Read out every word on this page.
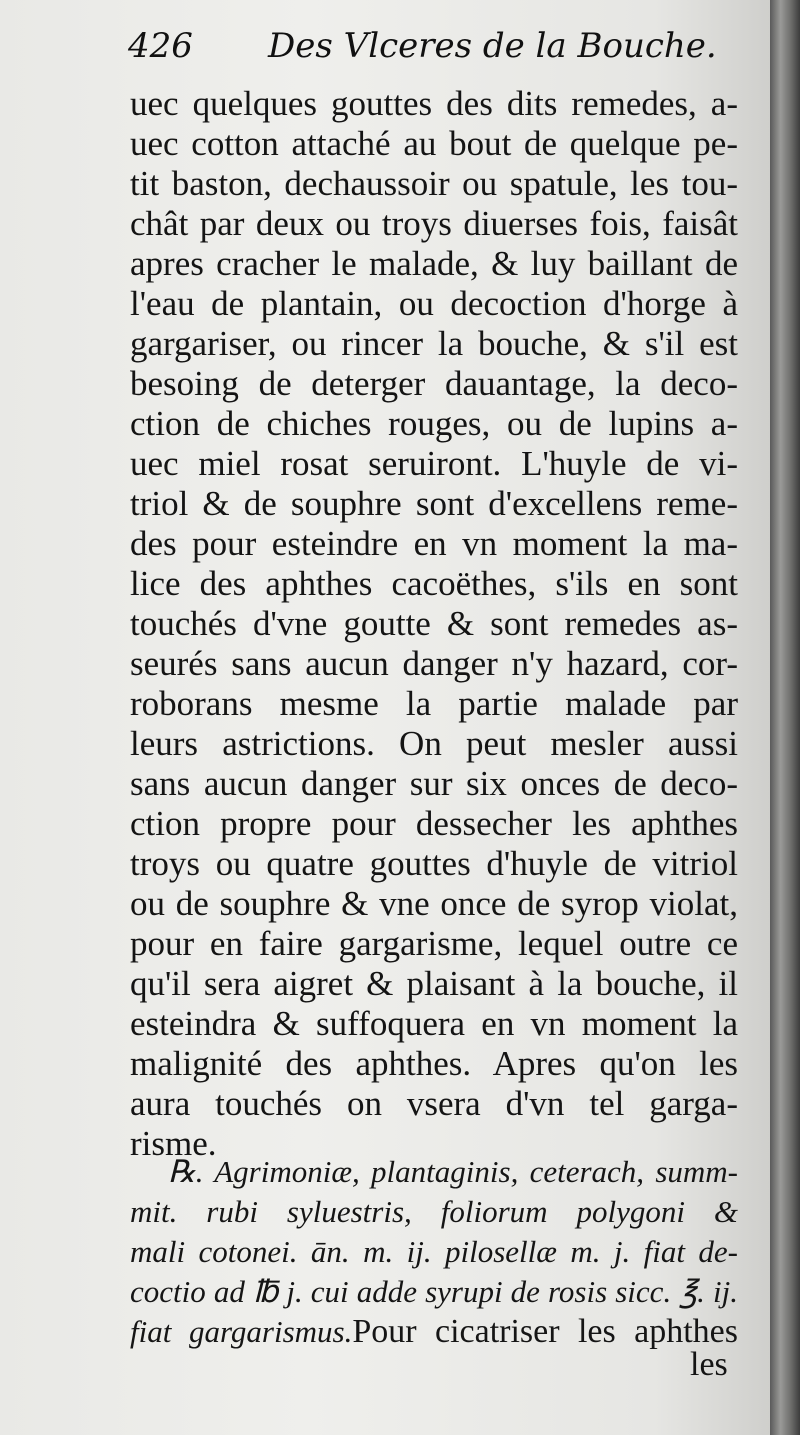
426 Des Vlceres de la Bouche.
uec quelques gouttes des dits remedes, a-
uec cotton attaché au bout de quelque pe-
tit baston, dechaussoir ou spatule, les tou-
chât par deux ou troys diuerses fois, faisât
apres cracher le malade, & luy baillant de
l'eau de plantain, ou decoction d'horge à
gargariser, ou rincer la bouche, & s'il est
besoing de deterger dauantage, la deco-
ction de chiches rouges, ou de lupins a-
uec miel rosat seruiront. L'huyle de vi-
triol & de souphre sont d'excellens reme-
des pour esteindre en vn moment la ma-
lice des aphthes cacoëthes, s'ils en sont
touchés d'vne goutte & sont remedes as-
seurés sans aucun danger n'y hazard, cor-
roborans mesme la partie malade par
leurs astrictions. On peut mesler aussi
sans aucun danger sur six onces de deco-
ction propre pour dessecher les aphthes
troys ou quatre gouttes d'huyle de vitriol
ou de souphre & vne once de syrop violat,
pour en faire gargarisme, lequel outre ce
qu'il sera aigret & plaisant à la bouche, il
esteindra & suffoquera en vn moment la
malignité des aphthes. Apres qu'on les
aura touchés on vsera d'vn tel garga-
risme.
℞. Agrimoniæ, plantaginis, ceterach, summ-
mit. rubi syluestris, foliorum polygoni &
mali cotonei. ān. m. ij. pilosellæ m. j. fiat de-
coctio ad ℔ j. cui adde syrupi de rosis sicc. ℥. ij.
fiat gargarismus.Pour cicatriser les aphthes
les
